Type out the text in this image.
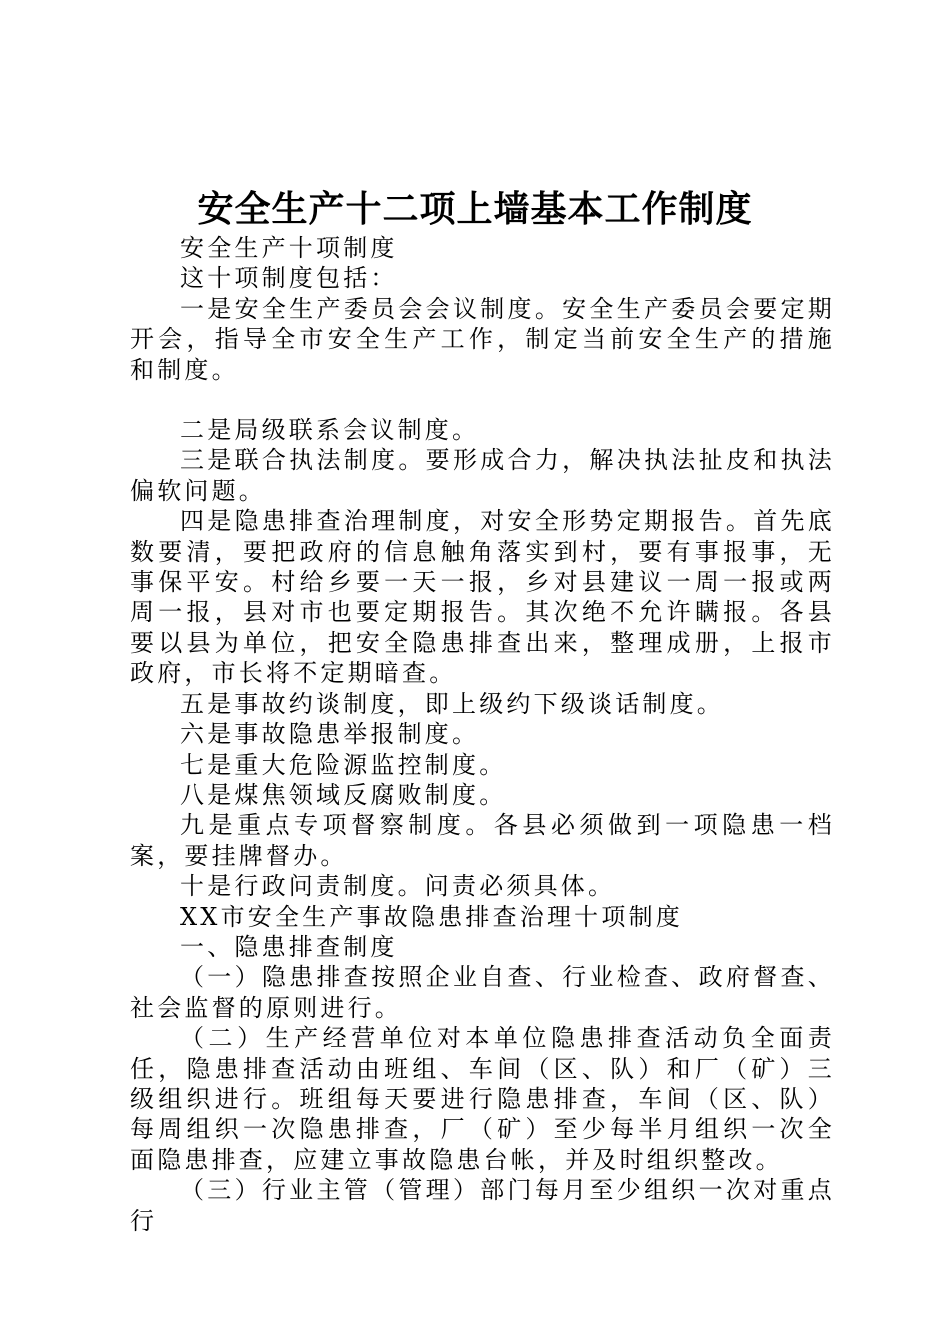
安全生产十二项上墙基本工作制度

安全生产十项制度

这十项制度包括：

一是安全生产委员会会议制度。安全生产委员会要定期开会，指导全市安全生产工作，制定当前安全生产的措施和制度。

二是局级联系会议制度。

三是联合执法制度。要形成合力，解决执法扯皮和执法偏软问题。

四是隐患排查治理制度，对安全形势定期报告。首先底数要清，要把政府的信息触角落实到村，要有事报事，无事保平安。村给乡要一天一报，乡对县建议一周一报或两周一报，县对市也要定期报告。其次绝不允许瞒报。各县要以县为单位，把安全隐患排查出来，整理成册，上报市政府，市长将不定期暗查。

五是事故约谈制度，即上级约下级谈话制度。

六是事故隐患举报制度。

七是重大危险源监控制度。

八是煤焦领域反腐败制度。

九是重点专项督察制度。各县必须做到一项隐患一档案，要挂牌督办。

十是行政问责制度。问责必须具体。

XX市安全生产事故隐患排查治理十项制度

一、隐患排查制度

（一）隐患排查按照企业自查、行业检查、政府督查、社会监督的原则进行。

（二）生产经营单位对本单位隐患排查活动负全面责任，隐患排查活动由班组、车间（区、队）和厂（矿）三级组织进行。班组每天要进行隐患排查，车间（区、队）每周组织一次隐患排查，厂（矿）至少每半月组织一次全面隐患排查，应建立事故隐患台帐，并及时组织整改。

（三）行业主管（管理）部门每月至少组织一次对重点行
